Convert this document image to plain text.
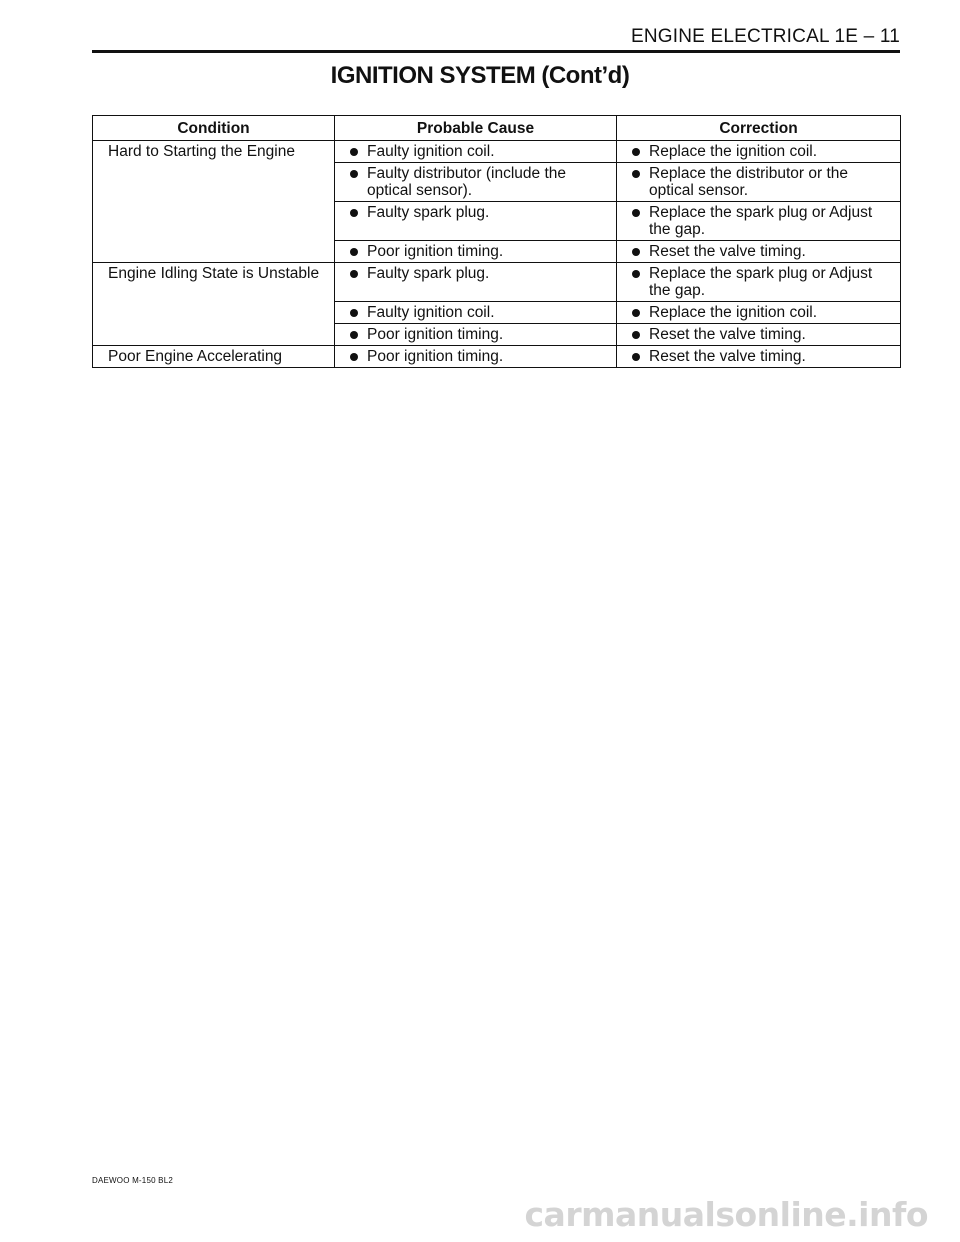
ENGINE ELECTRICAL 1E – 11
IGNITION SYSTEM (Cont’d)
Condition	Probable Cause	Correction
Hard to Starting the Engine	Faulty ignition coil.	Replace the ignition coil.

Faulty distributor (include the optical sensor).	Replace the distributor or the optical sensor.

Faulty spark plug.	Replace the spark plug or Adjust the gap.

Poor ignition timing.	Reset the valve timing.
Engine Idling State is Unstable	Faulty spark plug.	Replace the spark plug or Adjust the gap.

Faulty ignition coil.	Replace the ignition coil.

Poor ignition timing.	Reset the valve timing.
Poor Engine Accelerating	Poor ignition timing.	Reset the valve timing.
DAEWOO M-150 BL2
carmanualsonline.info
